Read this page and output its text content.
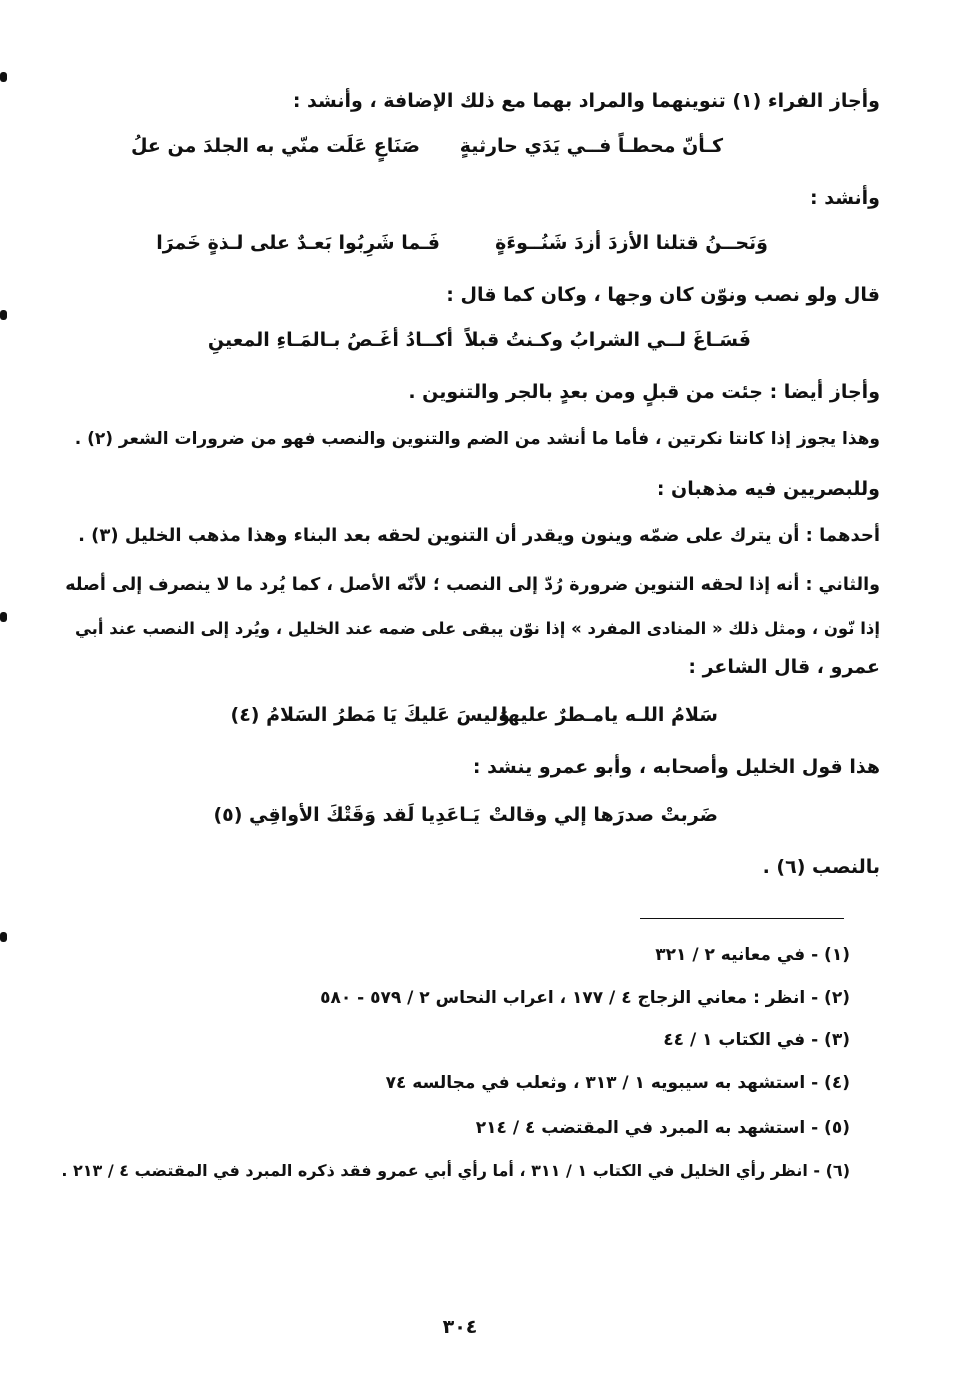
وأجاز الفراء (١) تنوينهما والمراد بهما مع ذلك الإضافة ، وأنشد :
كـأنّ محطـاً فــي يَدَي حارثيةٍ
صَنَاعٍ عَلَت منّي به الجلدَ من علُ
وأنشد :
وَنَحــنُ قتلنا الأزدَ أزدَ شَنُــوءَةٍ
فَـما شَرِبُوا بَعـدٌ على لـذةٍ خَمرَا
قال ولو نصب ونوّن كان وجها ، وكان كما قال :
فَسَـاغَ لــي الشرابُ وكـنتُ قبلاً
أكــادُ أغَـصُ بـالمَـاءِ المعينِ
وأجاز أيضا : جئت من قبلٍ ومن بعدٍ بالجر والتنوين .
وهذا يجوز إذا كانتا نكرتين ، فأما ما أنشد من الضم والتنوين والنصب فهو من ضرورات الشعر (٢) .
وللبصريين فيه مذهبان :
أحدهما : أن يترك على ضمّه وينون ويقدر أن التنوين لحقه بعد البناء وهذا مذهب الخليل (٣) .
والثاني : أنه إذا لحقه التنوين ضرورة رُدّ إلى النصب ؛ لأنّه الأصل ، كما يُرد ما لا ينصرف إلى أصله
إذا نّون ، ومثل ذلك « المنادى المفرد » إذا نوّن يبقى على ضمه عند الخليل ، ويُرد إلى النصب عند أبي
عمرو ، قال الشاعر :
سَلامُ اللـه يامـطرٌ عليها
وَليسَ عَليكَ يَا مَطرُ السَلامُ (٤)
هذا قول الخليل وأصحابه ، وأبو عمرو ينشد :
ضَربتْ صدرَها إلي وقالتْ
يَـاعَدِيا لَقد وَقَتْكَ الأواقِي (٥)
بالنصب (٦) .
(١) - في معانيه ٢ / ٣٢١
(٢) - انظر : معاني الزجاج ٤ / ١٧٧ ، اعراب النحاس ٢ / ٥٧٩ - ٥٨٠
(٣) - في الكتاب ١ / ٤٤
(٤) - استشهد به سيبويه ١ / ٣١٣ ، وثعلب في مجالسه ٧٤
(٥) - استشهد به المبرد في المقتضب ٤ / ٢١٤
(٦) - انظر رأي الخليل في الكتاب ١ / ٣١١ ، أما رأي أبي عمرو فقد ذكره المبرد في المقتضب ٤ / ٢١٣ .
٣٠٤
